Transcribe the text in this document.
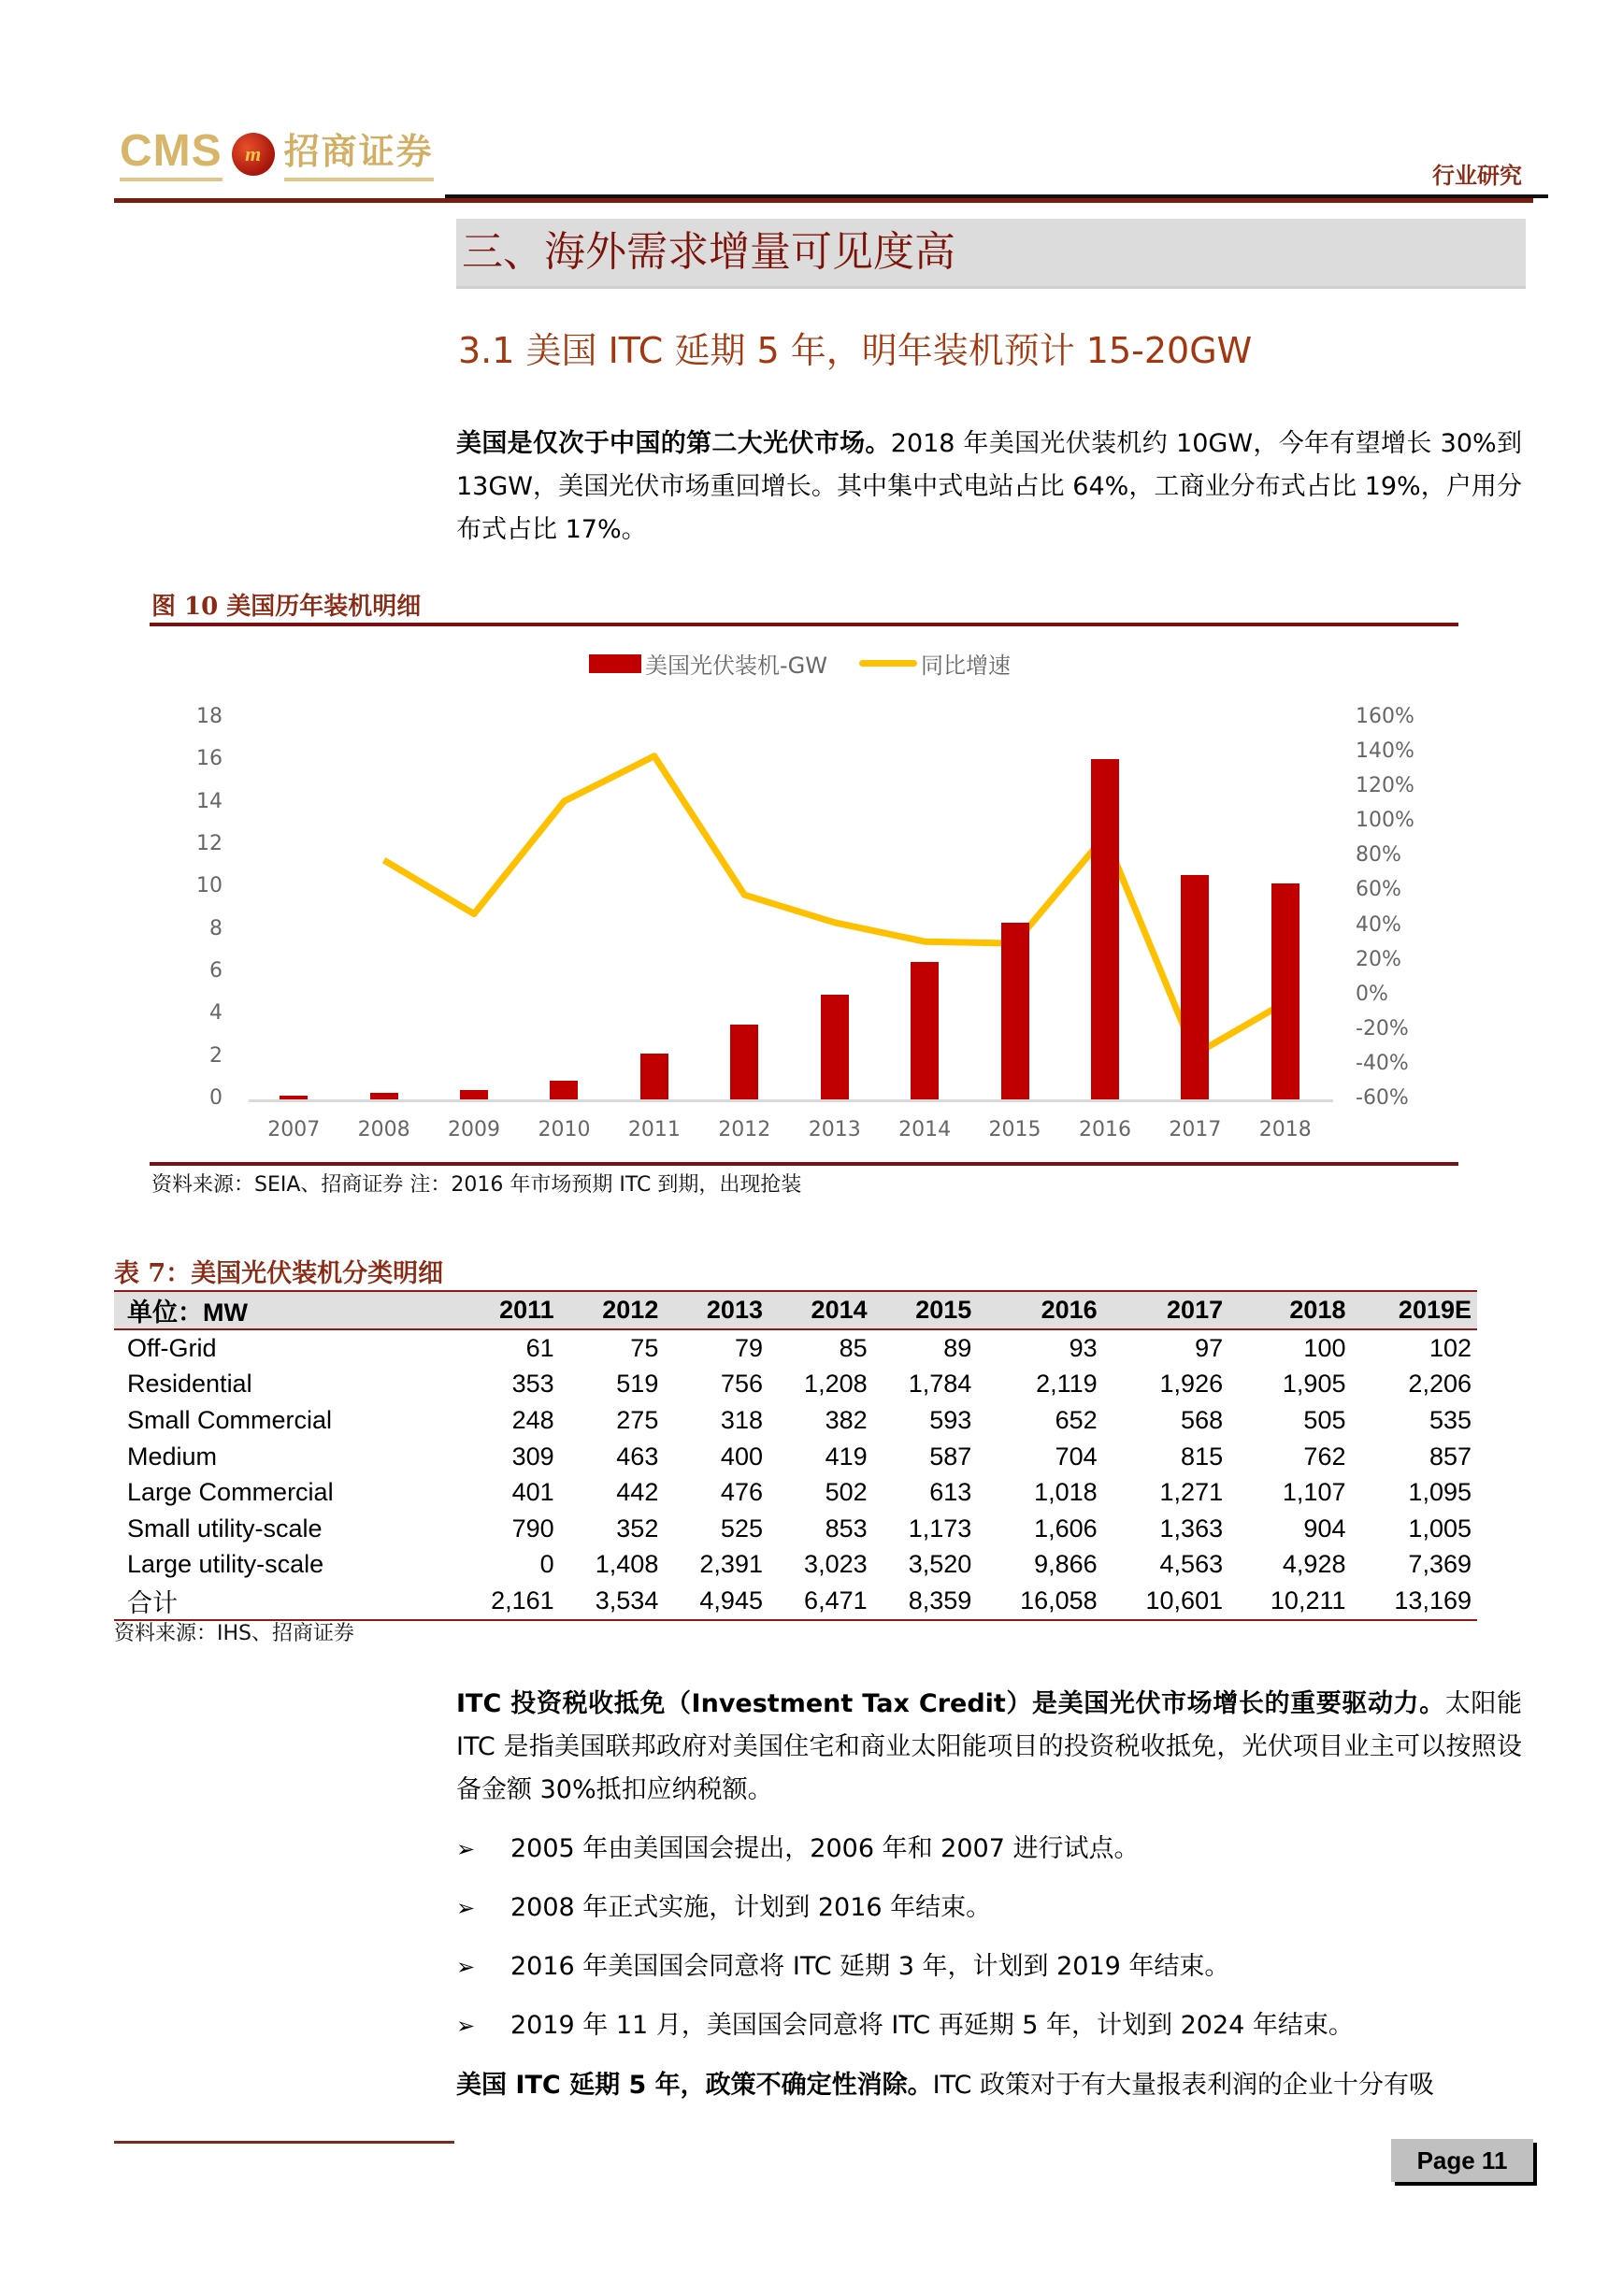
CMS	m 招商证券
行业研究
三、海外需求增量可见度高
3.1 美国 ITC 延期 5 年，明年装机预计 15-20GW
美国是仅次于中国的第二大光伏市场。2018 年美国光伏装机约 10GW，今年有望增长 30%到 13GW，美国光伏市场重回增长。其中集中式电站占比 64%，工商业分布式占比 19%，户用分布式占比 17%。
图 10 美国历年装机明细
美国光伏装机-GW	同比增速
资料来源：SEIA、招商证券 注：2016 年市场预期 ITC 到期，出现抢装
表 7：美国光伏装机分类明细
单位：MW	2011	2012	2013	2014	2015	2016	2017	2018	2019E
Off-Grid	61	75	79	85	89	93	97	100	102
Residential	353	519	756	1,208	1,784	2,119	1,926	1,905	2,206
Small Commercial	248	275	318	382	593	652	568	505	535
Medium	309	463	400	419	587	704	815	762	857
Large Commercial	401	442	476	502	613	1,018	1,271	1,107	1,095
Small utility-scale	790	352	525	853	1,173	1,606	1,363	904	1,005
Large utility-scale	0	1,408	2,391	3,023	3,520	9,866	4,563	4,928	7,369
合计	2,161	3,534	4,945	6,471	8,359	16,058	10,601	10,211	13,169
资料来源：IHS、招商证券
ITC 投资税收抵免（Investment Tax Credit）是美国光伏市场增长的重要驱动力。太阳能 ITC 是指美国联邦政府对美国住宅和商业太阳能项目的投资税收抵免，光伏项目业主可以按照设备金额 30%抵扣应纳税额。
➢	2005 年由美国国会提出，2006 年和 2007 进行试点。
➢	2008 年正式实施，计划到 2016 年结束。
➢	2016 年美国国会同意将 ITC 延期 3 年，计划到 2019 年结束。
➢	2019 年 11 月，美国国会同意将 ITC 再延期 5 年，计划到 2024 年结束。
美国 ITC 延期 5 年，政策不确定性消除。ITC 政策对于有大量报表利润的企业十分有吸
Page 11
0
2
4
6
8
10
12
14
16
18
-60%
-40%
-20%
0%
20%
40%
60%
80%
100%
120%
140%
160%
2007	2008	2009	2010	2011	2012	2013	2014	2015	2016	2017	2018
